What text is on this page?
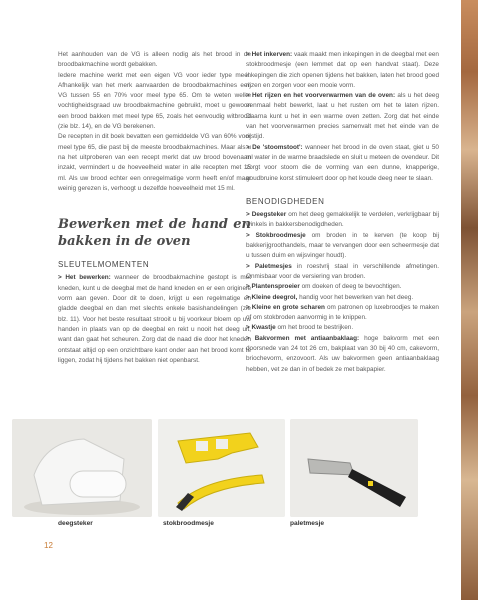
Het aanhouden van de VG is alleen nodig als het brood in de broodbakmachine wordt gebakken.

Iedere machine werkt met een eigen VG voor ieder type meel. Afhankelijk van het merk aanvaarden de broodbakmachines een VG tussen 55 en 70% voor meel type 65. Om te weten welke vochtigheidsgraad uw broodbakmachine gebruikt, moet u gewoon een brood bakken met meel type 65, zoals het eenvoudig witbrood (zie blz. 14), en de VG berekenen.

De recepten in dit boek bevatten een gemiddelde VG van 60% voor meel type 65, die past bij de meeste broodbakmachines. Maar als u na het uitproberen van een recept merkt dat uw brood bovenaan inzakt, vermindert u de hoeveelheid water in alle recepten met 15 ml. Als uw brood echter een onregelmatige vorm heeft en/of maar weinig gerezen is, verhoogt u dezelfde hoeveelheid met 15 ml.

Bewerken met de hand en bakken in de oven
SLEUTELMOMENTEN

> Het bewerken: wanneer de broodbakmachine gestopt is met kneden, kunt u de deegbal met de hand kneden en er een originele vorm aan geven. Door dit te doen, krijgt u een regelmatige en gladde deegbal en dan met slechts enkele basishandelingen (zie blz. 11). Voor het beste resultaat strooit u bij voorkeur bloem op uw handen in plaats van op de deegbal en rekt u nooit het deeg uit, want dan gaat het scheuren. Zorg dat de naad die door het kneden ontstaat altijd op een onzichtbare kant onder aan het brood komt te liggen, zodat hij tijdens het bakken niet openbarst.

> Het inkerven: vaak maakt men inkepingen in de deegbal met een stokbroodmesje (een lemmet dat op een handvat staat). Deze inkepingen die zich openen tijdens het bakken, laten het brood goed rijzen en zorgen voor een mooie vorm.

> Het rijzen en het voorverwarmen van de oven: als u het deeg eenmaal hebt bewerkt, laat u het rusten om het te laten rijzen. Daarna kunt u het in een warme oven zetten. Zorg dat het einde van het voorverwarmen precies samenvalt met het einde van de rijstijd.

> De 'stoomstoot': wanneer het brood in de oven staat, giet u 50 ml water in de warme braadslede en sluit u meteen de ovendeur. Dit zorgt voor stoom die de vorming van een dunne, knapperige, goudbruine korst stimuleert door op het koude deeg neer te slaan.

BENODIGDHEDEN

> Deegsteker om het deeg gemakkelijk te verdelen, verkrijgbaar bij winkels in bakkersbenodigdheden.

> Stokbroodmesje om broden in te kerven (te koop bij bakkerijgroothandels, maar te vervangen door een scheermesje dat u tussen duim en wijsvinger houdt).

> Paletmesjes in roestvrij staal in verschillende afmetingen. Onmisbaar voor de versiering van broden.

> Plantensproeier om doeken of deeg te bevochtigen.

> Kleine deegrol, handig voor het bewerken van het deeg.

> Kleine en grote scharen om patronen op luxebroodjes te maken of om stokbroden aanvormig in te knippen.

> Kwastje om het brood te bestrijken.

> Bakvormen met antiaanbaklaag: hoge bakvorm met een doorsnede van 24 tot 26 cm, bakplaat van 30 bij 40 cm, cakevorm, briochevorm, enzovoort. Als uw bakvormen geen antiaanbaklaag hebben, vet ze dan in of bedek ze met bakpapier.

deegsteker	stokbroodmesje	paletmesje
12
